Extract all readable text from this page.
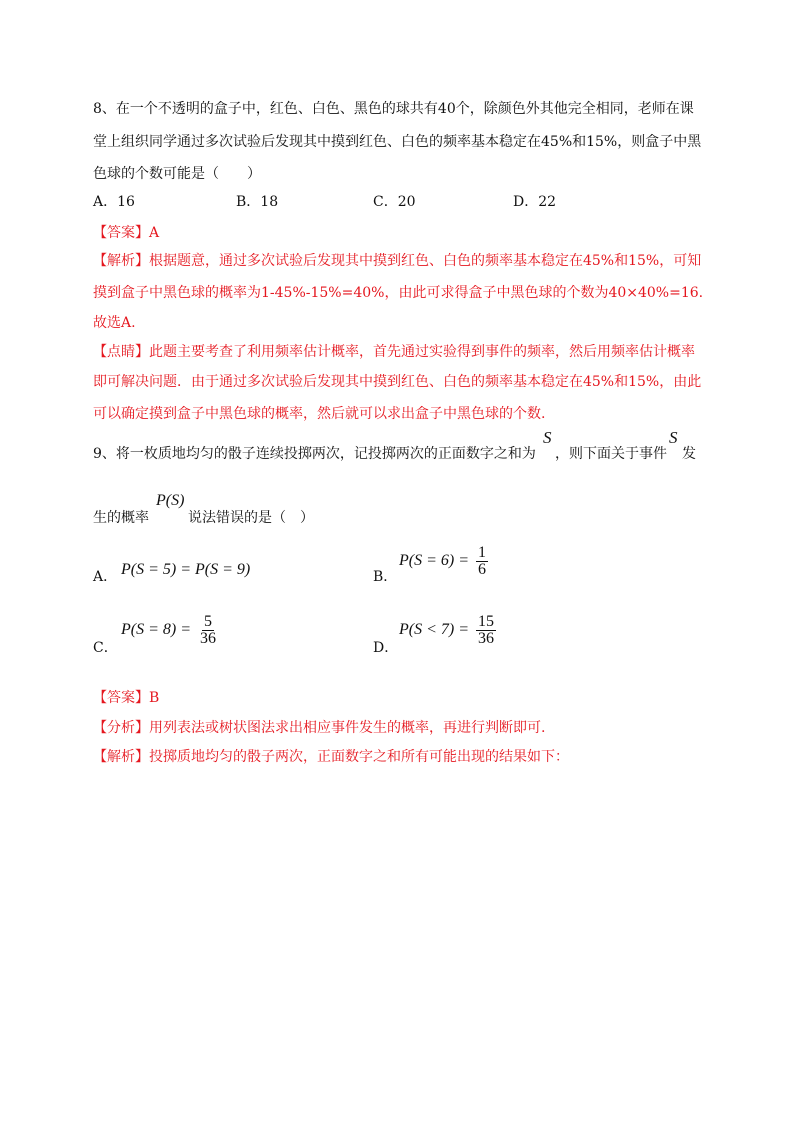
8、在一个不透明的盒子中，红色、白色、黑色的球共有40个，除颜色外其他完全相同，老师在课
堂上组织同学通过多次试验后发现其中摸到红色、白色的频率基本稳定在45%和15%，则盒子中黑
色球的个数可能是（　　）
A．16	B．18	C．20	D．22
【答案】A
【解析】根据题意，通过多次试验后发现其中摸到红色、白色的频率基本稳定在45%和15%，可知
摸到盒子中黑色球的概率为1-45%-15%=40%，由此可求得盒子中黑色球的个数为40×40%=16.
故选A.
【点睛】此题主要考查了利用频率估计概率，首先通过实验得到事件的频率，然后用频率估计概率
即可解决问题．由于通过多次试验后发现其中摸到红色、白色的频率基本稳定在45%和15%，由此
可以确定摸到盒子中黑色球的概率，然后就可以求出盒子中黑色球的个数.
9、将一枚质地均匀的骰子连续投掷两次，记投掷两次的正面数字之和为
S
，则下面关于事件
S
发
生的概率
P(S)
说法错误的是（　）
A． P(S = 5) = P(S = 9)	B．
$P(S = 6) = \frac{1}{6}$
C．
$P(S = 8) = \frac{5}{36}$
D．
$P(S < 7) = \frac{15}{36}$
【答案】B
【分析】用列表法或树状图法求出相应事件发生的概率，再进行判断即可.
【解析】投掷质地均匀的骰子两次，正面数字之和所有可能出现的结果如下：
